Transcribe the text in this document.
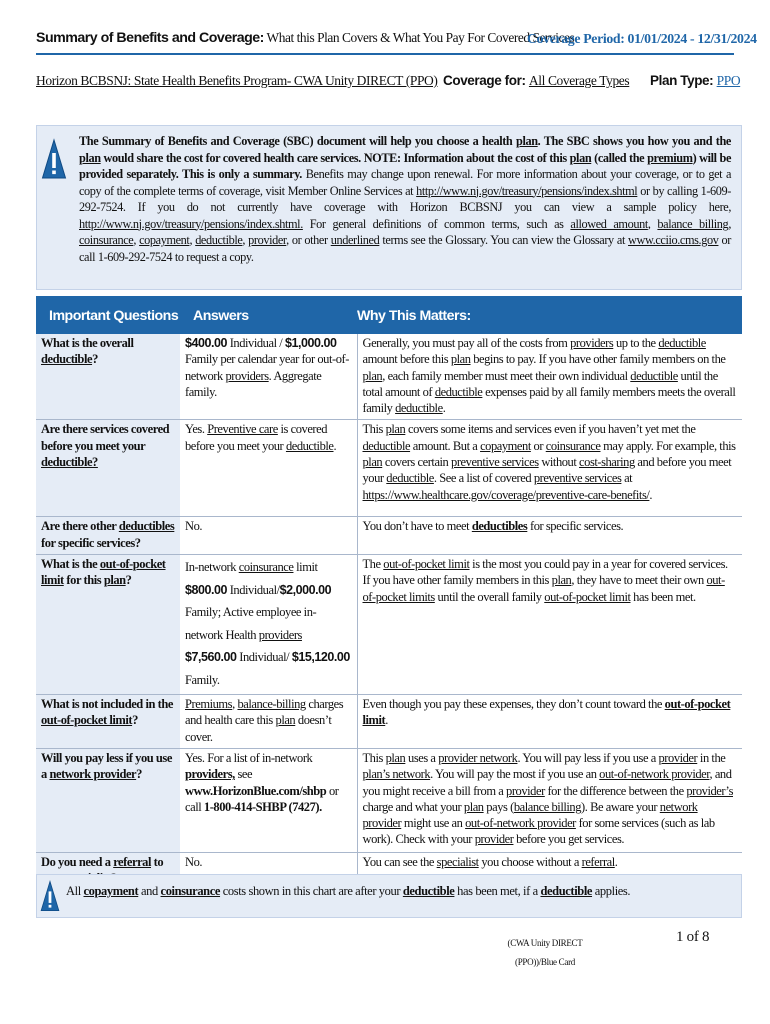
Summary of Benefits and Coverage: What this Plan Covers & What You Pay For Covered Services
Coverage Period: 01/01/2024 - 12/31/2024
Horizon BCBSNJ: State Health Benefits Program- CWA Unity DIRECT (PPO) Coverage for: All Coverage Types Plan Type: PPO
The Summary of Benefits and Coverage (SBC) document will help you choose a health plan. The SBC shows you how you and the plan would share the cost for covered health care services. NOTE: Information about the cost of this plan (called the premium) will be provided separately. This is only a summary. Benefits may change upon renewal. For more information about your coverage, or to get a copy of the complete terms of coverage, visit Member Online Services at http://www.nj.gov/treasury/pensions/index.shtml or by calling 1-609-292-7524. If you do not currently have coverage with Horizon BCBSNJ you can view a sample policy here, http://www.nj.gov/treasury/pensions/index.shtml. For general definitions of common terms, such as allowed amount, balance billing, coinsurance, copayment, deductible, provider, or other underlined terms see the Glossary. You can view the Glossary at www.cciio.cms.gov or call 1-609-292-7524 to request a copy.
Important Questions	Answers	Why This Matters:
What is the overall deductible?	$400.00 Individual / $1,000.00 Family per calendar year for out-of-network providers. Aggregate family.	Generally, you must pay all of the costs from providers up to the deductible amount before this plan begins to pay. If you have other family members on the plan, each family member must meet their own individual deductible until the total amount of deductible expenses paid by all family members meets the overall family deductible.
Are there services covered before you meet your deductible?	Yes. Preventive care is covered before you meet your deductible.	This plan covers some items and services even if you haven’t yet met the deductible amount. But a copayment or coinsurance may apply. For example, this plan covers certain preventive services without cost-sharing and before you meet your deductible. See a list of covered preventive services at https://www.healthcare.gov/coverage/preventive-care-benefits/.
Are there other deductibles for specific services?	No.	You don’t have to meet deductibles for specific services.
What is the out-of-pocket limit for this plan?	In-network coinsurance limit $800.00 Individual/$2,000.00 Family; Active employee in-network Health providers $7,560.00 Individual/ $15,120.00 Family.	The out-of-pocket limit is the most you could pay in a year for covered services. If you have other family members in this plan, they have to meet their own out-of-pocket limits until the overall family out-of-pocket limit has been met.
What is not included in the out-of-pocket limit?	Premiums, balance-billing charges and health care this plan doesn’t cover.	Even though you pay these expenses, they don’t count toward the out-of-pocket limit.
Will you pay less if you use a network provider?	Yes. For a list of in-network providers, see www.HorizonBlue.com/shbp or call 1-800-414-SHBP (7427).	This plan uses a provider network. You will pay less if you use a provider in the plan’s network. You will pay the most if you use an out-of-network provider, and you might receive a bill from a provider for the difference between the provider’s charge and what your plan pays (balance billing). Be aware your network provider might use an out-of-network provider for some services (such as lab work). Check with your provider before you get services.
Do you need a referral to	No.	You can see the specialist you choose without a referral.
All copayment and coinsurance costs shown in this chart are after your deductible has been met, if a deductible applies.
(CWA Unity DIRECT
(PPO))/Blue Card
1 of 8
